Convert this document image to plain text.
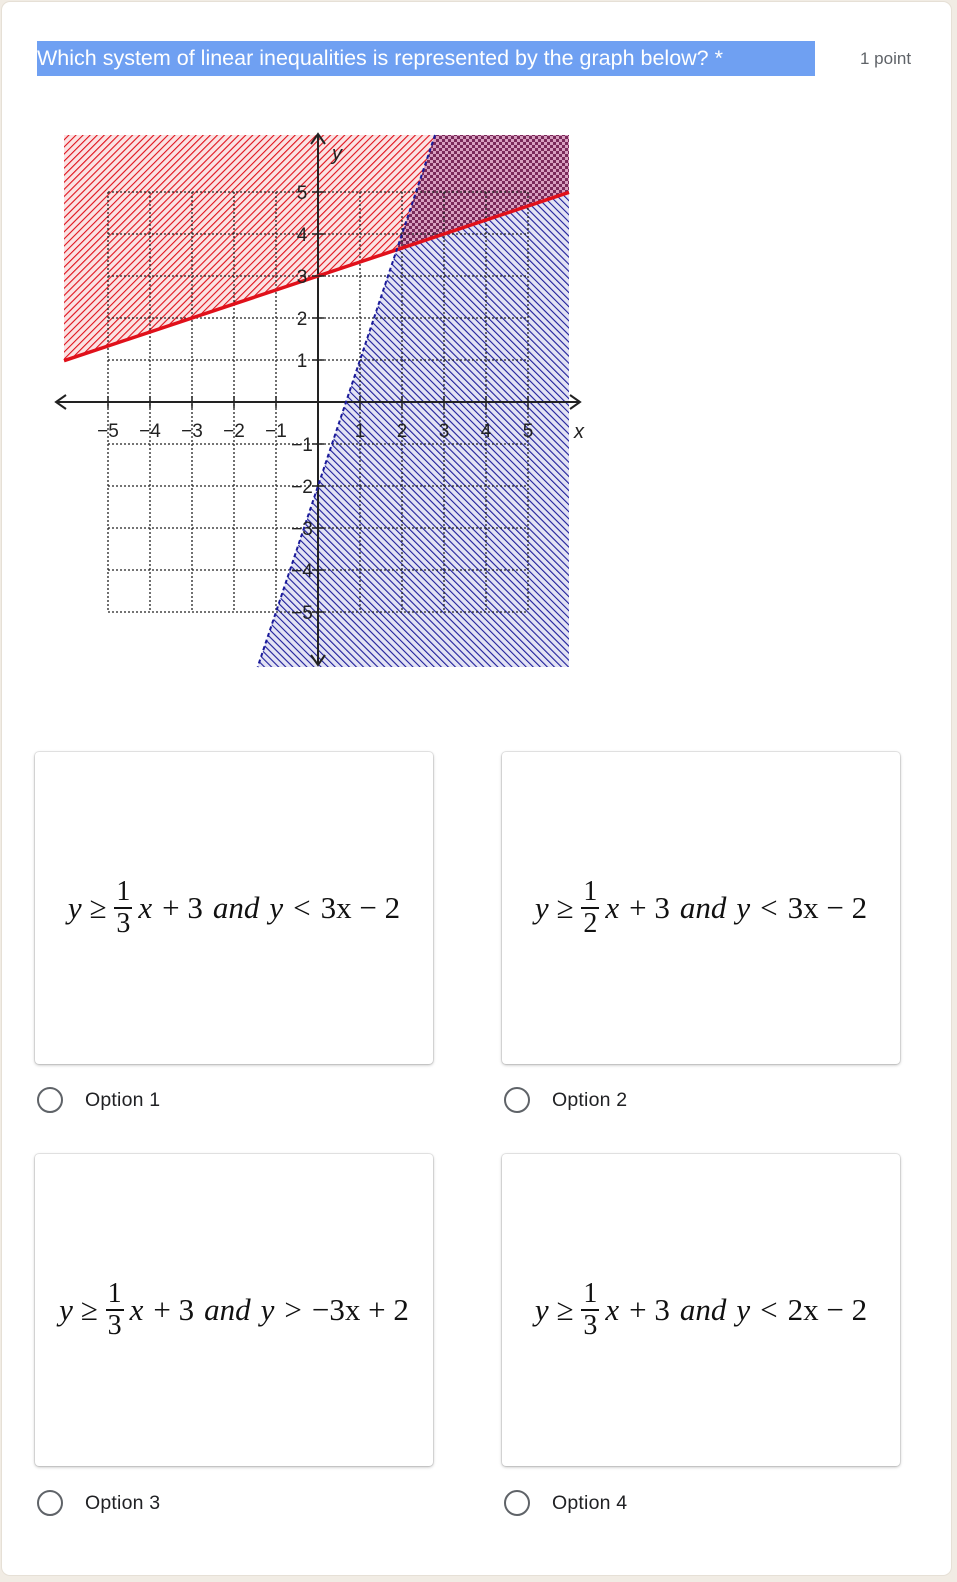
Which system of linear inequalities is represented by the graph below? *	1 point
−5 −4 −3 −2 −1	1 2 3 4 5
5
4
3
2
1
−1
−2
−3
−4
−5
x
y
$y \ge \frac{1}{3}$ x + 3 and y < 3x − 2
Option 1
$y \ge \frac{1}{2}$ x + 3 and y < 3x − 2
Option 2
$y \ge \frac{1}{3}$ x + 3 and y > −3x + 2
Option 3
$y \ge \frac{1}{3}$ x + 3 and y < 2x − 2
Option 4
